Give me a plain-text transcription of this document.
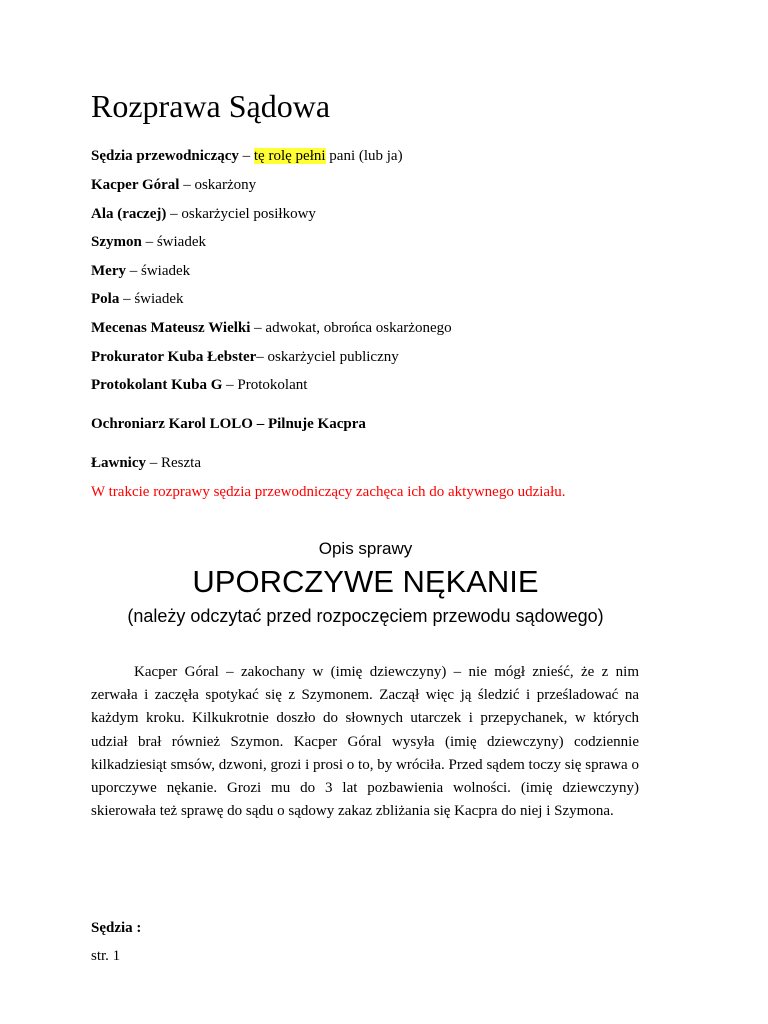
Rozprawa Sądowa
Sędzia przewodniczący – tę rolę pełni pani (lub ja)
Kacper Góral – oskarżony
Ala (raczej) – oskarżyciel posiłkowy
Szymon – świadek
Mery – świadek
Pola – świadek
Mecenas Mateusz Wielki – adwokat, obrońca oskarżonego
Prokurator Kuba Łebster– oskarżyciel publiczny
Protokolant Kuba G – Protokolant
Ochroniarz Karol LOLO – Pilnuje Kacpra
Ławnicy – Reszta
W trakcie rozprawy sędzia przewodniczący zachęca ich do aktywnego udziału.
Opis sprawy
UPORCZYWE NĘKANIE
(należy odczytać przed rozpoczęciem przewodu sądowego)

Kacper Góral – zakochany w (imię dziewczyny) – nie mógł znieść, że z nim zerwała i zaczęła spotykać się z Szymonem. Zaczął więc ją śledzić i prześladować na każdym kroku. Kilkukrotnie doszło do słownych utarczek i przepychanek, w których udział brał również Szymon. Kacper Góral wysyła (imię dziewczyny) codziennie kilkadziesiąt smsów, dzwoni, grozi i prosi o to, by wróciła. Przed sądem toczy się sprawa o uporczywe nękanie. Grozi mu do 3 lat pozbawienia wolności. (imię dziewczyny) skierowała też sprawę do sądu o sądowy zakaz zbliżania się Kacpra do niej i Szymona.

Sędzia :
str. 1
